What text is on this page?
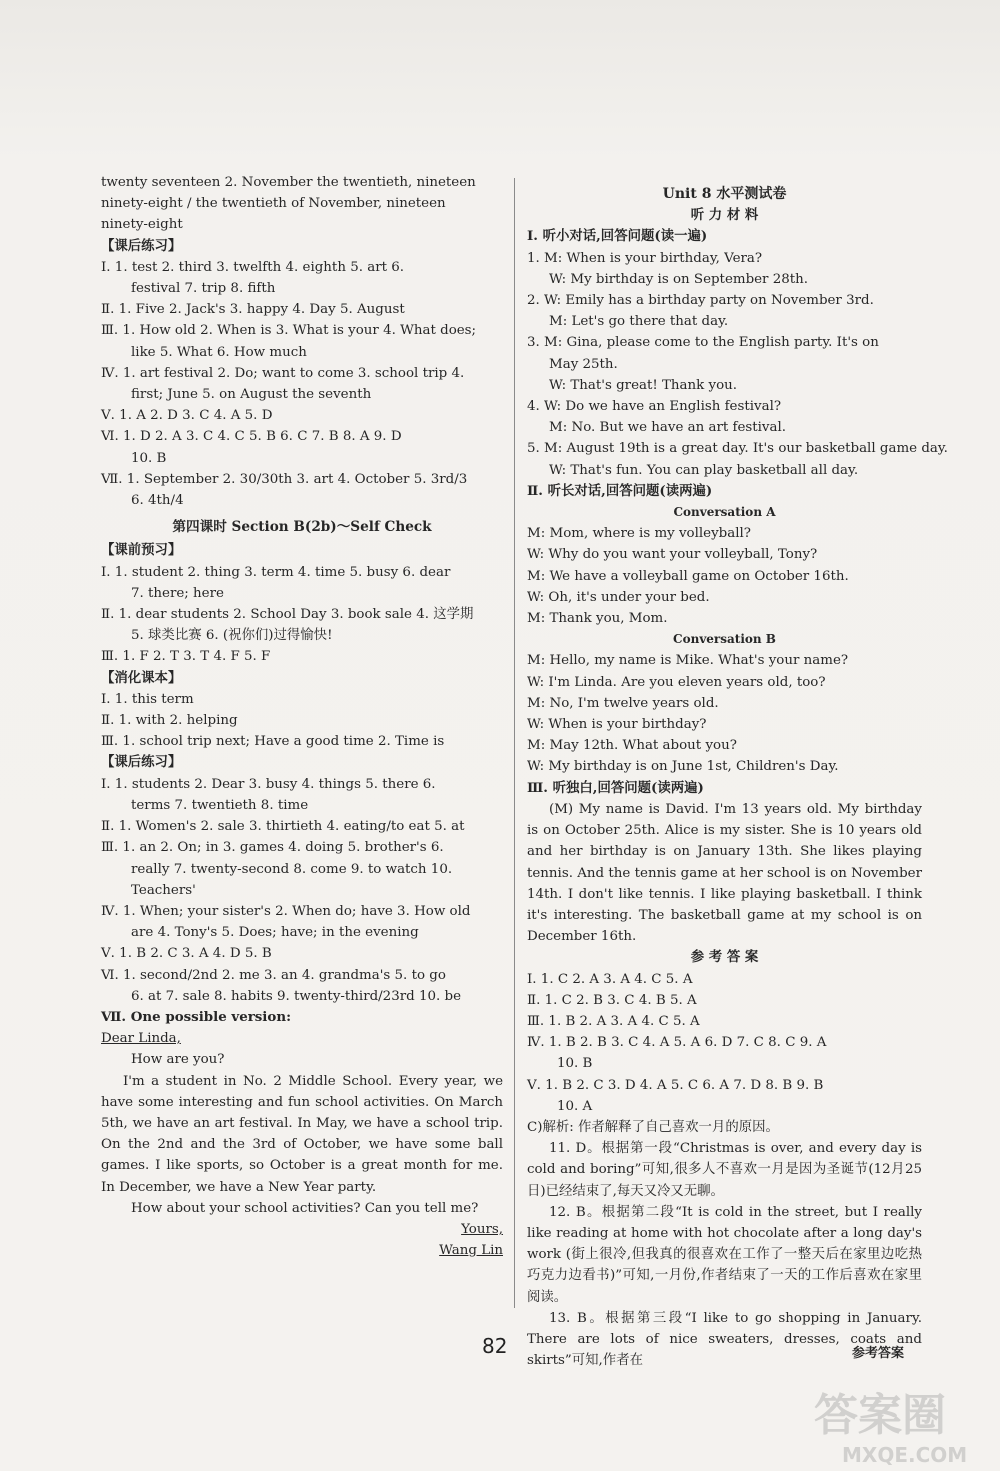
twenty seventeen 2. November the twentieth, nineteen
ninety-eight / the twentieth of November, nineteen
ninety-eight
【课后练习】
Ⅰ. 1. test 2. third 3. twelfth 4. eighth 5. art 6.
festival 7. trip 8. fifth
Ⅱ. 1. Five 2. Jack's 3. happy 4. Day 5. August
Ⅲ. 1. How old 2. When is 3. What is your 4. What does;
like 5. What 6. How much
Ⅳ. 1. art festival 2. Do; want to come 3. school trip 4.
first; June 5. on August the seventh
Ⅴ. 1. A 2. D 3. C 4. A 5. D
Ⅵ. 1. D 2. A 3. C 4. C 5. B 6. C 7. B 8. A 9. D
10. B
Ⅶ. 1. September 2. 30/30th 3. art 4. October 5. 3rd/3
6. 4th/4
第四课时 Section B(2b)～Self Check
【课前预习】
Ⅰ. 1. student 2. thing 3. term 4. time 5. busy 6. dear
7. there; here
Ⅱ. 1. dear students 2. School Day 3. book sale 4. 这学期
5. 球类比赛 6. (祝你们)过得愉快!
Ⅲ. 1. F 2. T 3. T 4. F 5. F
【消化课本】
Ⅰ. 1. this term
Ⅱ. 1. with 2. helping
Ⅲ. 1. school trip next; Have a good time 2. Time is
【课后练习】
Ⅰ. 1. students 2. Dear 3. busy 4. things 5. there 6.
terms 7. twentieth 8. time
Ⅱ. 1. Women's 2. sale 3. thirtieth 4. eating/to eat 5. at
Ⅲ. 1. an 2. On; in 3. games 4. doing 5. brother's 6.
really 7. twenty-second 8. come 9. to watch 10.
Teachers'
Ⅳ. 1. When; your sister's 2. When do; have 3. How old
are 4. Tony's 5. Does; have; in the evening
Ⅴ. 1. B 2. C 3. A 4. D 5. B
Ⅵ. 1. second/2nd 2. me 3. an 4. grandma's 5. to go
6. at 7. sale 8. habits 9. twenty-third/23rd 10. be
Ⅶ. One possible version:
Dear Linda,
How are you?
I'm a student in No. 2 Middle School. Every year, we have some interesting and fun school activities. On March 5th, we have an art festival. In May, we have a school trip. On the 2nd and the 3rd of October, we have some ball games. I like sports, so October is a great month for me. In December, we have a New Year party.
How about your school activities? Can you tell me?
Yours,
Wang Lin
Unit 8 水平测试卷
听 力 材 料
Ⅰ. 听小对话,回答问题(读一遍)
1. M: When is your birthday, Vera?
W: My birthday is on September 28th.
2. W: Emily has a birthday party on November 3rd.
M: Let's go there that day.
3. M: Gina, please come to the English party. It's on
May 25th.
W: That's great! Thank you.
4. W: Do we have an English festival?
M: No. But we have an art festival.
5. M: August 19th is a great day. It's our basketball game day.
W: That's fun. You can play basketball all day.
Ⅱ. 听长对话,回答问题(读两遍)
Conversation A
M: Mom, where is my volleyball?
W: Why do you want your volleyball, Tony?
M: We have a volleyball game on October 16th.
W: Oh, it's under your bed.
M: Thank you, Mom.
Conversation B
M: Hello, my name is Mike. What's your name?
W: I'm Linda. Are you eleven years old, too?
M: No, I'm twelve years old.
W: When is your birthday?
M: May 12th. What about you?
W: My birthday is on June 1st, Children's Day.
Ⅲ. 听独白,回答问题(读两遍)
(M) My name is David. I'm 13 years old. My birthday is on October 25th. Alice is my sister. She is 10 years old and her birthday is on January 13th. She likes playing tennis. And the tennis game at her school is on November 14th. I don't like tennis. I like playing basketball. I think it's interesting. The basketball game at my school is on December 16th.
参 考 答 案
Ⅰ. 1. C 2. A 3. A 4. C 5. A
Ⅱ. 1. C 2. B 3. C 4. B 5. A
Ⅲ. 1. B 2. A 3. A 4. C 5. A
Ⅳ. 1. B 2. B 3. C 4. A 5. A 6. D 7. C 8. C 9. A
10. B
Ⅴ. 1. B 2. C 3. D 4. A 5. C 6. A 7. D 8. B 9. B
10. A
C)解析: 作者解释了自己喜欢一月的原因。
11. D。根据第一段“Christmas is over, and every day is cold and boring”可知,很多人不喜欢一月是因为圣诞节(12月25日)已经结束了,每天又冷又无聊。
12. B。根据第二段“It is cold in the street, but I really like reading at home with hot chocolate after a long day's work (街上很冷,但我真的很喜欢在工作了一整天后在家里边吃热巧克力边看书)”可知,一月份,作者结束了一天的工作后喜欢在家里阅读。
13. B。根据第三段“I like to go shopping in January. There are lots of nice sweaters, dresses, coats and skirts”可知,作者在
82	参考答案
答案圈
MXQE.COM
